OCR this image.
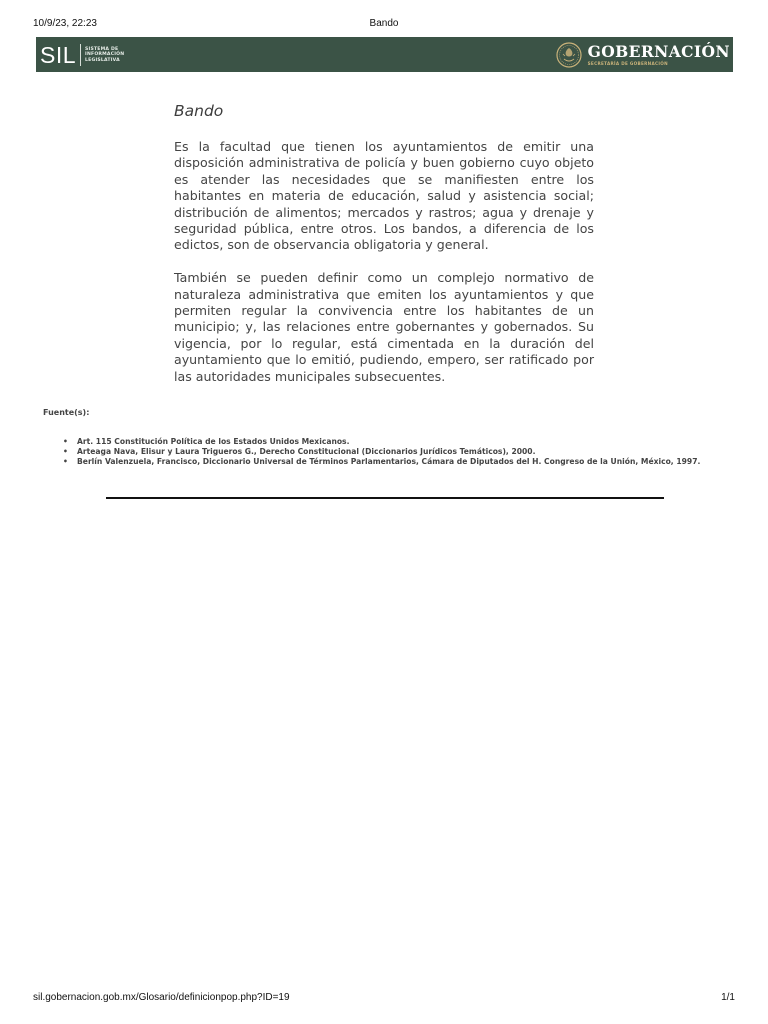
10/9/23, 22:23	Bando
SIL SISTEMA DE
INFORMACIÓN
LEGISLATIVA	GOBERNACIÓN
SECRETARÍA DE GOBERNACIÓN
Bando

Es la facultad que tienen los ayuntamientos de emitir una disposición administrativa de policía y buen gobierno cuyo objeto es atender las necesidades que se manifiesten entre los habitantes en materia de educación, salud y asistencia social; distribución de alimentos; mercados y rastros; agua y drenaje y seguridad pública, entre otros. Los bandos, a diferencia de los edictos, son de observancia obligatoria y general.

También se pueden definir como un complejo normativo de naturaleza administrativa que emiten los ayuntamientos y que permiten regular la convivencia entre los habitantes de un municipio; y, las relaciones entre gobernantes y gobernados. Su vigencia, por lo regular, está cimentada en la duración del ayuntamiento que lo emitió, pudiendo, empero, ser ratificado por las autoridades municipales subsecuentes.

Fuente(s):
• Art. 115 Constitución Política de los Estados Unidos Mexicanos.
• Arteaga Nava, Elisur y Laura Trigueros G., Derecho Constitucional (Diccionarios Jurídicos Temáticos), 2000.
• Berlín Valenzuela, Francisco, Diccionario Universal de Términos Parlamentarios, Cámara de Diputados del H. Congreso de la Unión, México, 1997.
sil.gobernacion.gob.mx/Glosario/definicionpop.php?ID=19	1/1
